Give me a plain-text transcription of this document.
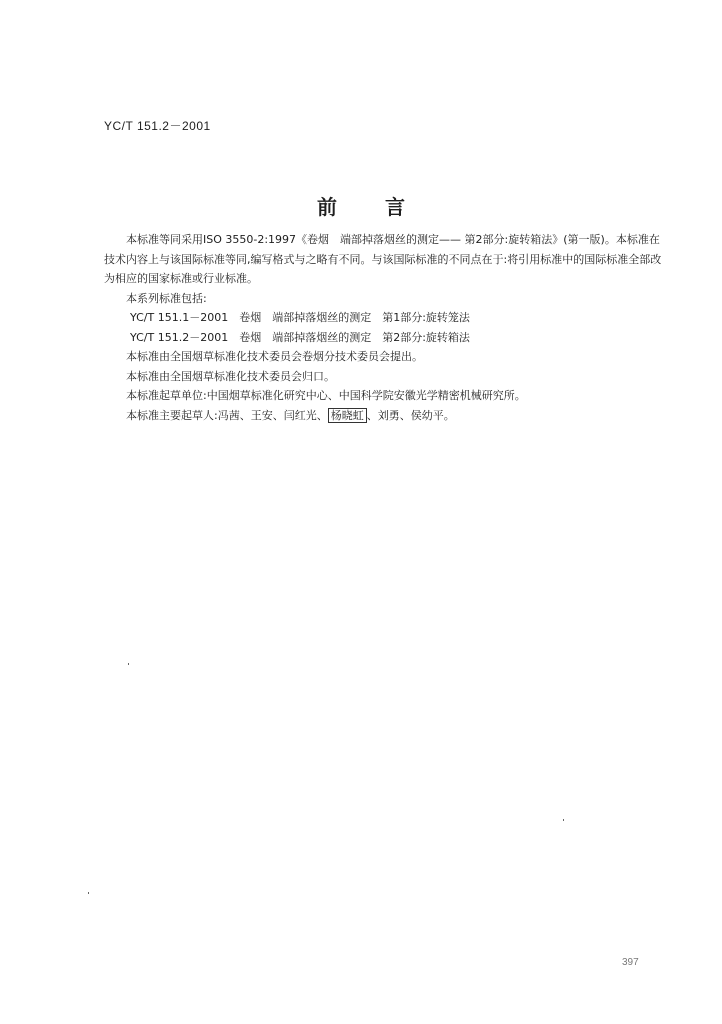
YC/T 151.2－2001
前 言

本标准等同采用ISO 3550-2:1997《卷烟　端部掉落烟丝的测定—— 第2部分:旋转箱法》(第一版)。本标准在技术内容上与该国际标准等同,编写格式与之略有不同。与该国际标准的不同点在于:将引用标准中的国际标准全部改为相应的国家标准或行业标准。

本系列标准包括:

YC/T 151.1－2001　卷烟　端部掉落烟丝的测定　第1部分:旋转笼法
YC/T 151.2－2001　卷烟　端部掉落烟丝的测定　第2部分:旋转箱法

本标准由全国烟草标准化技术委员会卷烟分技术委员会提出。

本标准由全国烟草标准化技术委员会归口。

本标准起草单位:中国烟草标准化研究中心、中国科学院安徽光学精密机械研究所。

本标准主要起草人:冯茜、王安、闫红光、 杨晓虹 、刘勇、侯幼平。

397
